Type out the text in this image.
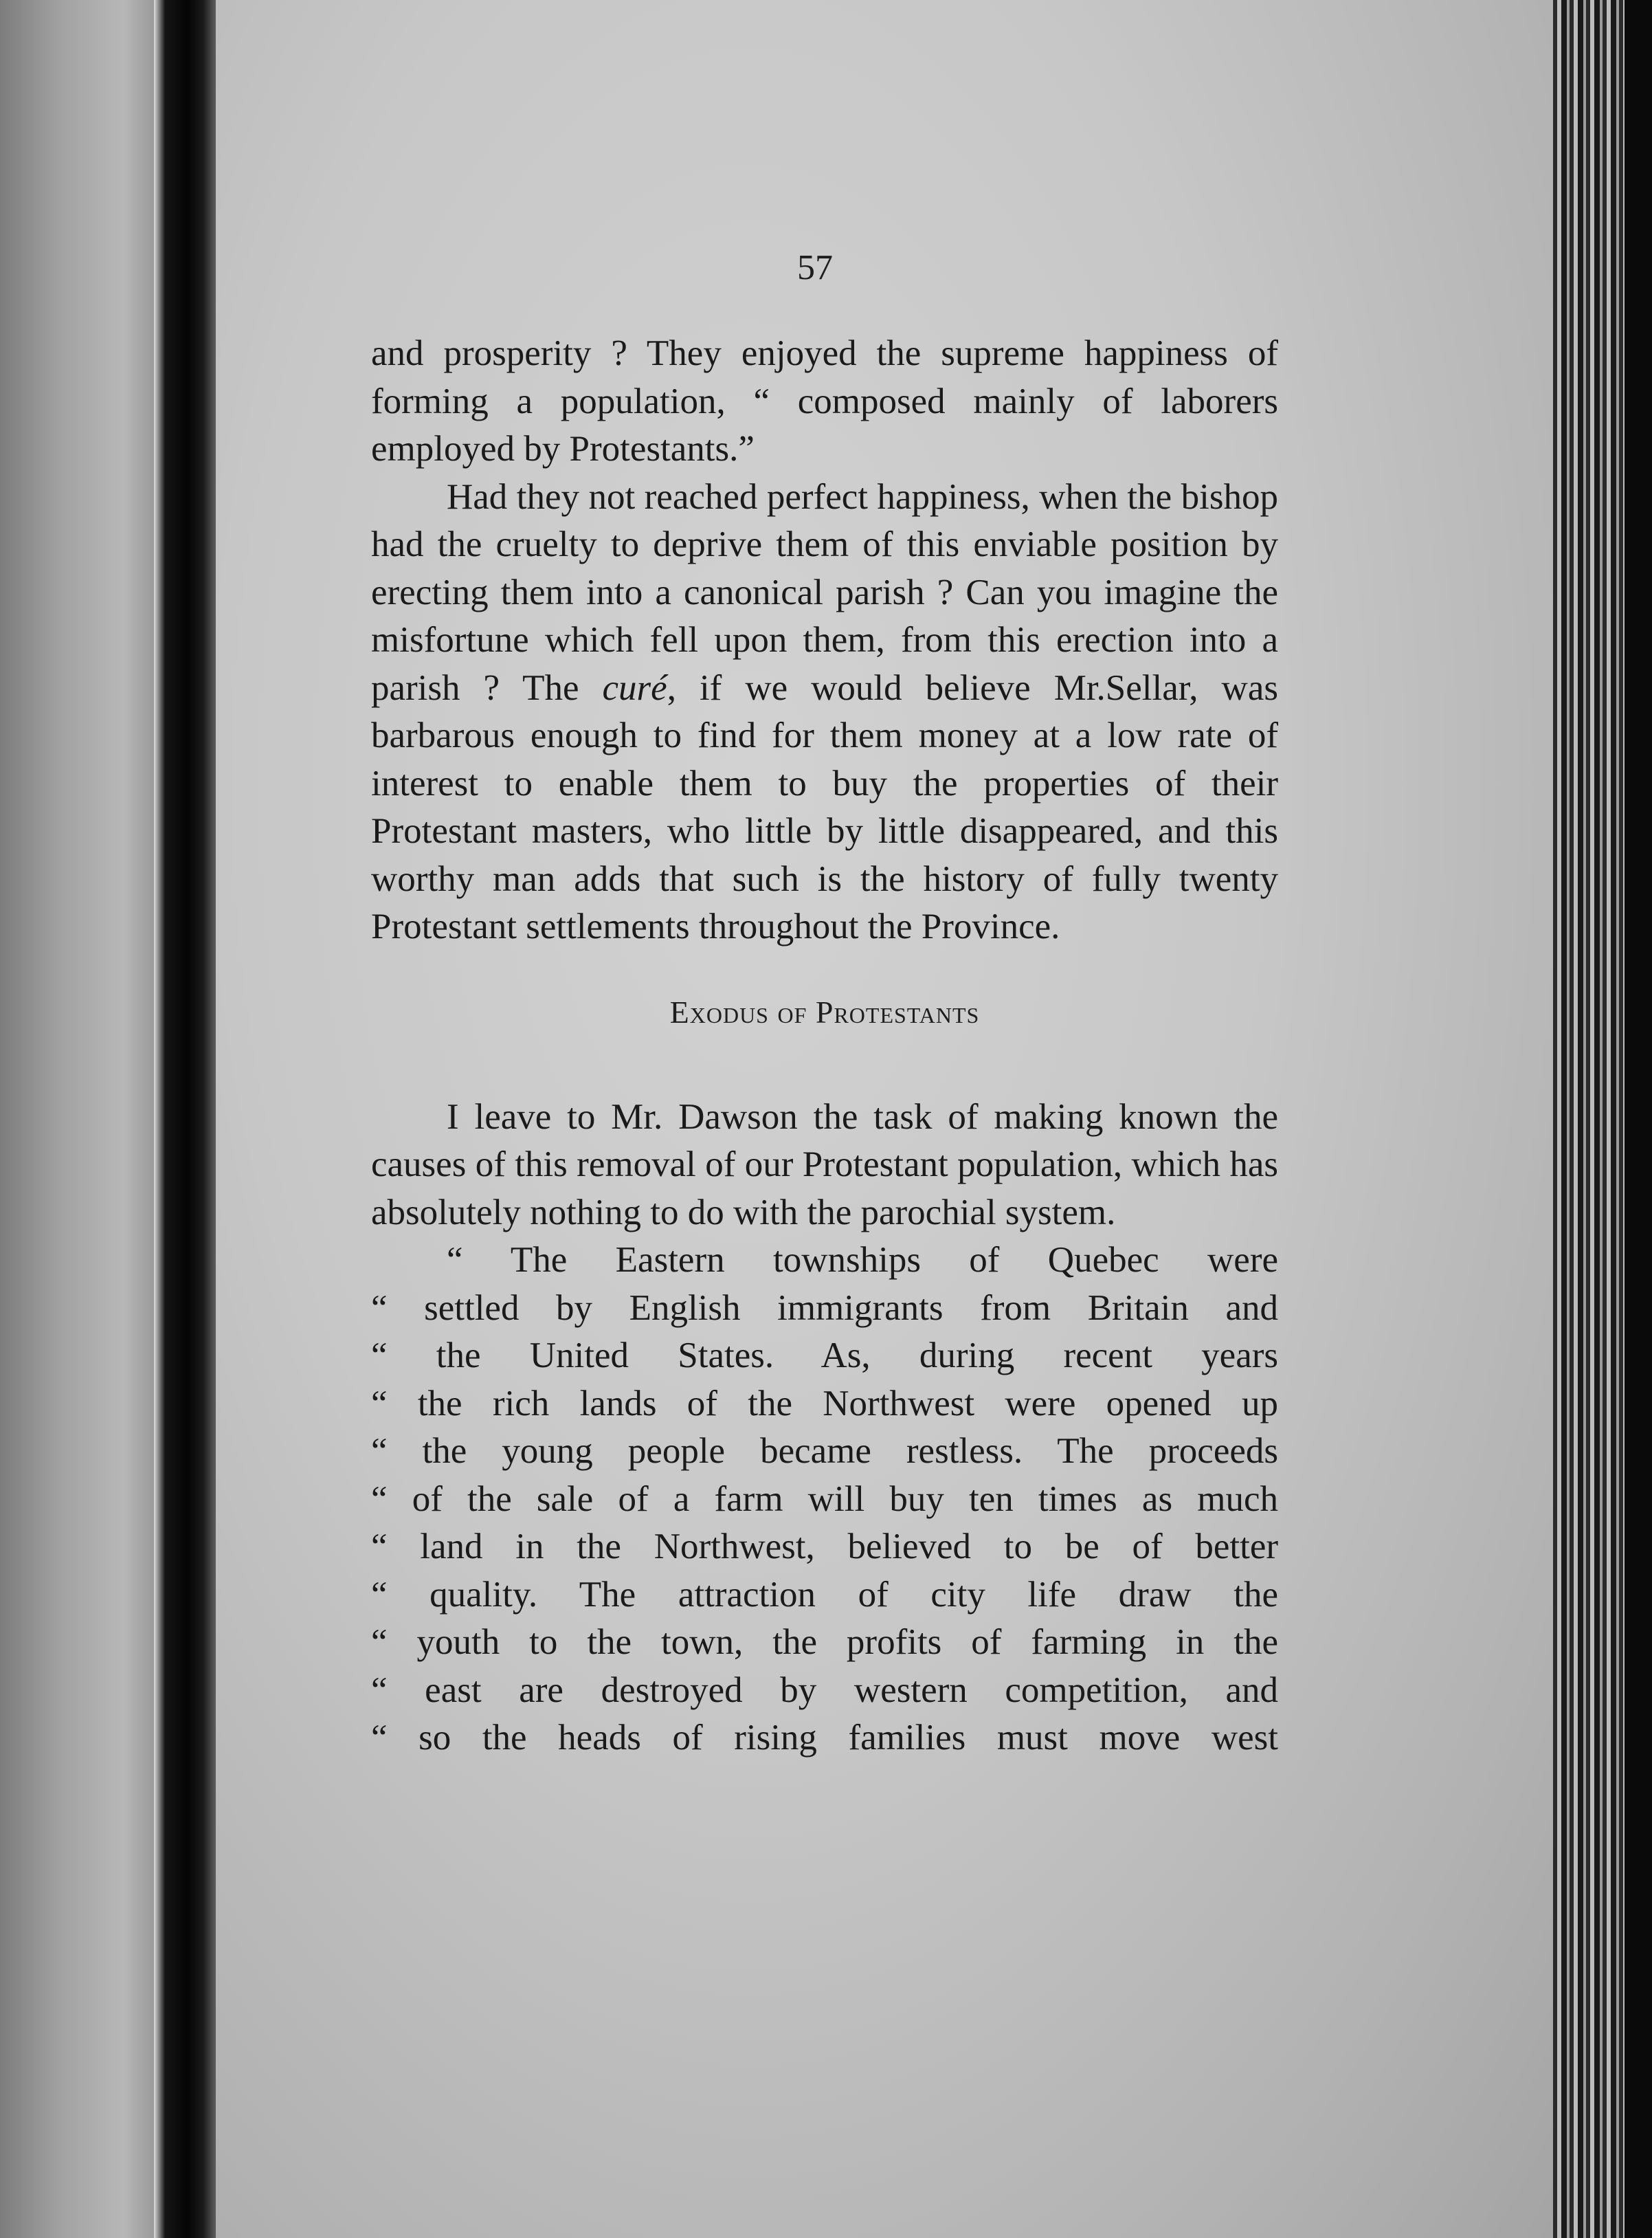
57

and prosperity ? They enjoyed the supreme happiness of forming a population, “ composed mainly of laborers employed by Protestants.”

Had they not reached perfect happiness, when the bishop had the cruelty to deprive them of this enviable position by erecting them into a canonical parish ? Can you imagine the misfortune which fell upon them, from this erection into a parish ? The curé, if we would believe Mr.Sellar, was barbarous enough to find for them money at a low rate of interest to enable them to buy the properties of their Protestant masters, who little by little disappeared, and this worthy man adds that such is the history of fully twenty Protestant settlements throughout the Province.

Exodus of Protestants

I leave to Mr. Dawson the task of making known the causes of this removal of our Protestant population, which has absolutely nothing to do with the parochial system.

“ The Eastern townships of Quebec were

“ settled by English immigrants from Britain and

“ the United States. As, during recent years

“ the rich lands of the Northwest were opened up

“ the young people became restless. The proceeds

“ of the sale of a farm will buy ten times as much

“ land in the Northwest, believed to be of better

“ quality. The attraction of city life draw the

“ youth to the town, the profits of farming in the

“ east are destroyed by western competition, and

“ so the heads of rising families must move west
